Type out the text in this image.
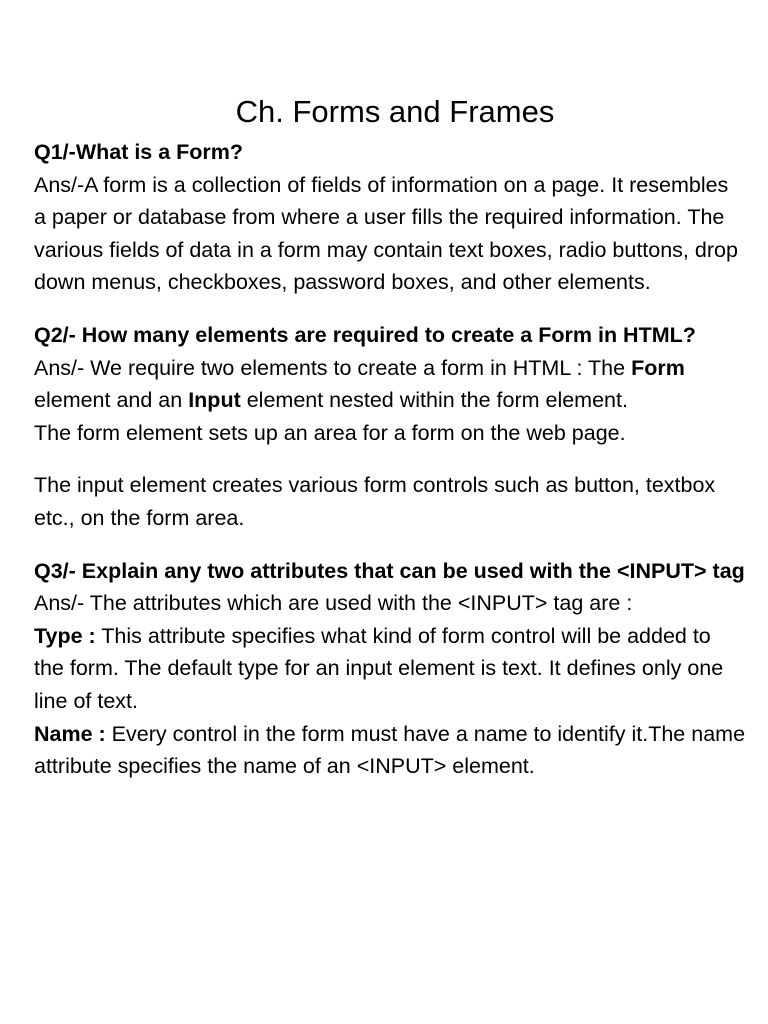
Ch. Forms and Frames

Q1/-What is a Form?

Ans/-A form is a collection of fields of information on a page. It resembles a paper or database from where a user fills the required information. The various fields of data in a form may contain text boxes, radio buttons, drop down menus, checkboxes, password boxes, and other elements.

Q2/- How many elements are required to create a Form in HTML?

Ans/- We require two elements to create a form in HTML : The Form element and an Input element nested within the form element.

The form element sets up an area for a form on the web page.

The input element creates various form controls such as button, textbox etc., on the form area.

Q3/- Explain any two attributes that can be used with the <INPUT> tag

Ans/- The attributes which are used with the <INPUT> tag are :

Type : This attribute specifies what kind of form control will be added to the form. The default type for an input element is text. It defines only one line of text.

Name : Every control in the form must have a name to identify it.The name attribute specifies the name of an <INPUT> element.
